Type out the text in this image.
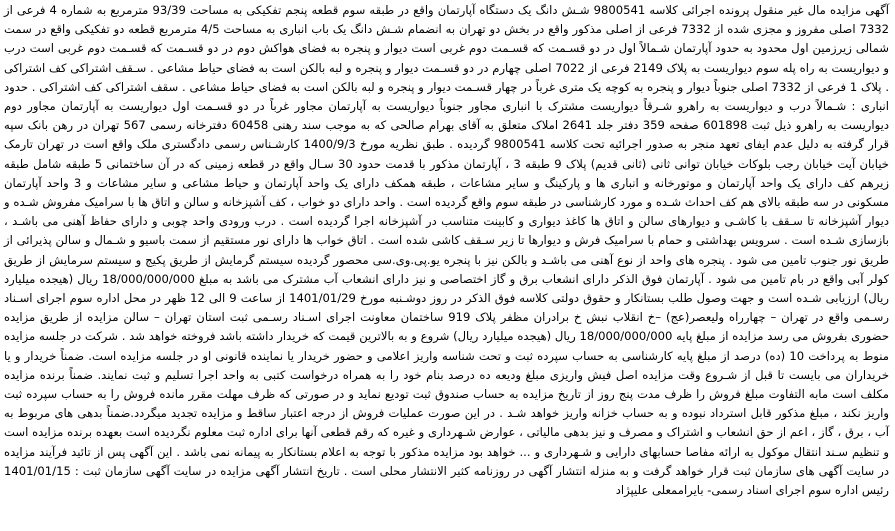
آگهی مزایده مال غیر منقول پرونده اجرائی کلاسه 9800541 شـش دانگ یک دستگاه آپارتمان واقع در طبقه سوم قطعه پنجم تفکیکی به مساحت 93/39 مترمربع به شماره 4 فرعی از 7332 اصلی مفروز و مجزی شده از 7332 فرعی از اصلی مذکور واقع در بخش دو تهران به انضمام شـش دانگ یک باب انباری به مساحت 4/5 مترمربع قطعه دو تفکیکی واقع در سمت شمالی زیرزمین اول محدود به حدود آپارتمان شـمالاً اول در دو قسـمت که قسـمت دوم غربی است دیوار و پنجره به فضای هواکش دوم در دو قسـمت که قسـمت دوم غربی است درب و دیواریست به راه پله سوم دیواریست به پلاک 2149 فرعی از 7022 اصلی چهارم در دو قسـمت دیوار و پنجره و لبه بالکن است به فضای حیاط مشاعی . سـقف اشتراکی کف اشتراکی . پلاک 1 فرعی از 7332 اصلی جنوباً دیوار و پنجره به کوچه یک متری غرباً در چهار قسـمت دیوار و پنجره و لبه بالکن است به فضای حیاط مشاعی . سقف اشتراکی کف اشتراکی . حدود انباری : شـمالاً درب و دیواریست به راهرو شـرقاً دیواریست مشترک با انباری مجاور جنوباً دیواریست به آپارتمان مجاور غرباً در دو قسـمت اول دیواریست به آپارتمان مجاور دوم دیواریست به راهرو ذیل ثبت 601898 صفحه 359 دفتر جلد 2641 املاک متعلق به آقای بهرام صالحی که به موجب سند رهنی 60458 دفترخانه رسمی 567 تهران در رهن بانک سپه قرار گرفته به دلیل عدم ایفای تعهد منجر به صدور اجرائیه تحت کلاسه 9800541 گردیده . طبق نظریه مورخ 1400/9/3 کارشـناس رسمی دادگستری ملک واقع است در تهران تارمک خیابان آیت خیابان رجب بلوکات خیابان توانی ثانی (ثانی قدیم) پلاک 9 طبقه 3 ، آپارتمان مذکور با قدمت حدود 30 سـال واقع در قطعه زمینی که در آن ساختمانی 5 طبقه شامل طبقه زیرهم کف دارای یک واحد آپارتمان و موتورخانه و انباری ها و پارکینگ و سایر مشاعات ، طبقه همکف دارای یک واحد آپارتمان و حیاط مشاعی و سایر مشاعات و 3 واحد آپارتمان مسکونی در سه طبقه بالای هم کف احداث شـده و مورد کارشناسی در طبقه سوم واقع گردیده است . واحد دارای دو خواب ، کف آشپزخانه و سالن و اتاق ها با سرامیک مفروش شـده و دیوار آشپزخانه تا سـقف با کاشـی و دیوارهای سالن و اتاق ها کاغذ دیواری و کابینت متناسب در آشپزخانه اجرا گردیده است . درب ورودی واحد چوبی و دارای حفاظ آهنی می باشـد ، بازسازی شـده است . سرویس بهداشتی و حمام با سرامیک فرش و دیوارها تا زیر سـقف کاشی شده است . اتاق خواب ها دارای نور مستقیم از سمت باسیو و شـمال و سالن پذیرائی از طریق نور جنوب تامین می شود . پنجره های واحد از نوع آهنی می باشـد و بالکن نیز با پنجره یو.پی.وی.سی محصور گردیده سیستم گرمایش از طریق پکیج و سیستم سرمایش از طریق کولر آبی واقع در بام تامین می شود . آپارتمان فوق الذکر دارای انشعاب برق و گاز اختصاصی و نیز دارای انشعاب آب مشترک می باشد به مبلغ 18/000/000/000 ریال (هیجده میلیارد ریال) ارزیابی شـده است و جهت وصول طلب بستانکار و حقوق دولتی کلاسه فوق الذکر در روز دوشـنبه مورخ 1401/01/29 از ساعت 9 الی 12 ظهر در محل اداره سوم اجرای اسـناد رسـمی واقع در تهران – چهارراه ولیعصر(عج) –خ انقلاب نبش خ برادران مظفر پلاک 919 ساختمان معاونت اجرای اسـناد رسـمی ثبت استان تهران – سالن مزایده از طریق مزایده حضوری بفروش می رسد مزایده از مبلغ پایه 18/000/000/000 ریال (هیجده میلیارد ریال) شروع و به بالاترین قیمت که خریدار داشته باشد فروخته خواهد شد . شرکت در جلسه مزایده منوط به پرداخت 10 (ده) درصد از مبلغ پایه کارشناسی به حساب سپرده ثبت و تحت شناسه واریز اعلامی و حضور خریدار یا نماینده قانونی او در جلسه مزایده است. ضمناً خریدار و یا خریداران می بایست تا قبل از شـروع وقت مزایده اصل فیش واریزی مبلغ ودیعه ده درصد بنام خود را به همراه درخواست کتبی به واحد اجرا تسلیم و ثبت نمایند. ضمناً برنده مزایده مکلف است مابه التفاوت مبلغ فروش را ظرف مدت پنج روز از تاریخ مزایده به حساب صندوق ثبت تودیع نماید و در صورتی که ظرف مهلت مقرر مانده فروش را به حساب سپرده ثبت واریز نکند ، مبلغ مذکور قابل استرداد نبوده و به حساب خزانه واریز خواهد شـد . در این صورت عملیات فروش از درجه اعتبار ساقط و مزایده تجدید میگردد.ضمناً بدهی های مربوط به آب ، برق ، گاز ، اعم از حق انشعاب و اشتراک و مصرف و نیز بدهی مالیاتی ، عوارض شـهرداری و غیره که رقم قطعی آنها برای اداره ثبت معلوم نگردیده است بعهده برنده مزایده است و تنظیم سـند انتقال موکول به ارائه مفاصا حسابهای دارایی و شـهرداری و ... خواهد بود مزایده مذکور با توجه به اعلام بستانکار به پیمانه نمی باشد . این آگهی پس از تائید فرآیند مزایده در سایت آگهی های سازمان ثبت قرار خواهد گرفت و به منزله انتشار آگهی در روزنامه کثیر الانتشار محلی است . تاریخ انتشار آگهی مزایده در سایت آگهی سازمان ثبت : 1401/01/15 رئیس اداره سوم اجرای اسناد رسمی- بایراممعلی علیپژاد
